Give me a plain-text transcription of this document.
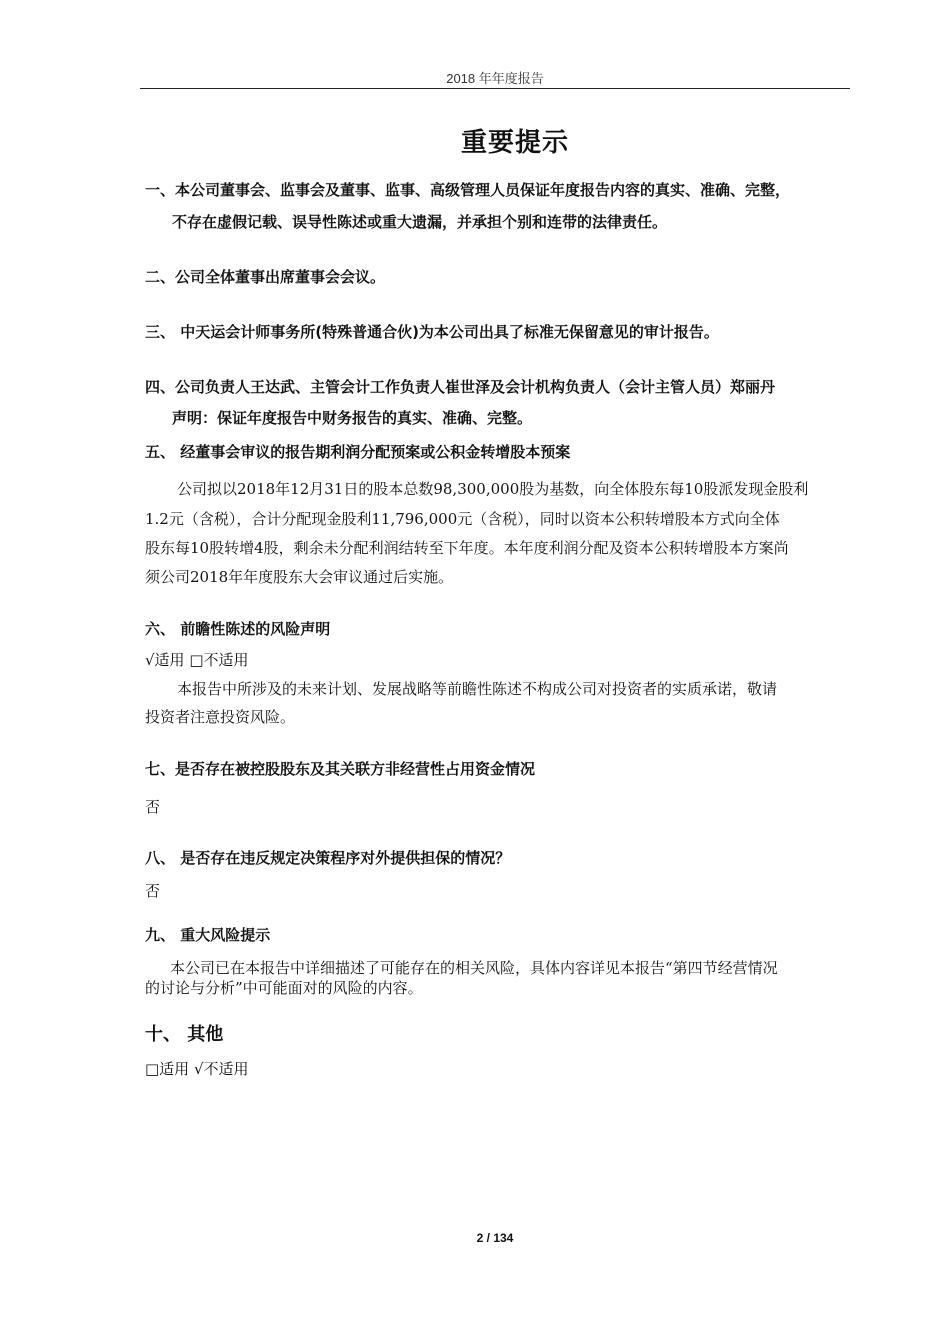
2018 年年度报告
重要提示
一、本公司董事会、监事会及董事、监事、高级管理人员保证年度报告内容的真实、准确、完整，
不存在虚假记载、误导性陈述或重大遗漏，并承担个别和连带的法律责任。
二、公司全体董事出席董事会会议。
三、 中天运会计师事务所(特殊普通合伙)为本公司出具了标准无保留意见的审计报告。
四、公司负责人王达武、主管会计工作负责人崔世泽及会计机构负责人（会计主管人员）郑丽丹
声明：保证年度报告中财务报告的真实、准确、完整。
五、 经董事会审议的报告期利润分配预案或公积金转增股本预案
公司拟以2018年12月31日的股本总数98,300,000股为基数，向全体股东每10股派发现金股利
1.2元（含税），合计分配现金股利11,796,000元（含税），同时以资本公积转增股本方式向全体
股东每10股转增4股，剩余未分配利润结转至下年度。本年度利润分配及资本公积转增股本方案尚
须公司2018年年度股东大会审议通过后实施。
六、 前瞻性陈述的风险声明
√适用 □不适用
本报告中所涉及的未来计划、发展战略等前瞻性陈述不构成公司对投资者的实质承诺，敬请
投资者注意投资风险。
七、是否存在被控股股东及其关联方非经营性占用资金情况
否
八、 是否存在违反规定决策程序对外提供担保的情况？
否
九、 重大风险提示
本公司已在本报告中详细描述了可能存在的相关风险，具体内容详见本报告“第四节经营情况
的讨论与分析”中可能面对的风险的内容。
十、 其他
□适用 √不适用
2 / 134
